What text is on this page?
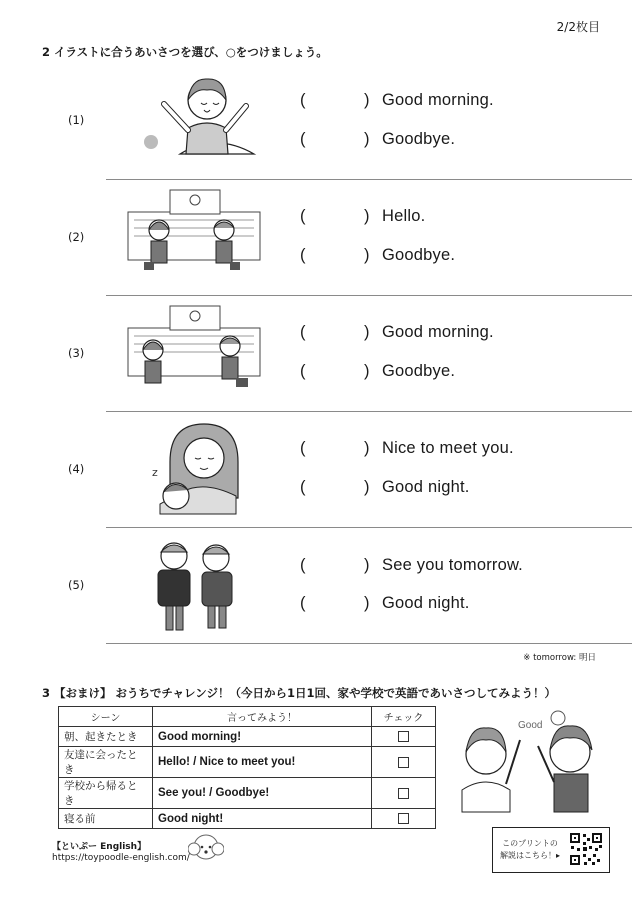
2/2枚目
2 イラストに合うあいさつを選び、○をつけましょう。
(1)
(	) Good morning.
(	) Goodbye.
(2)
(	) Hello.
(	) Goodbye.
(3)
(	) Good morning.
(	) Goodbye.
(4)	z
(	) Nice to meet you.
(	) Good night.
(5)
(	) See you tomorrow.
(	) Good night.
※ tomorrow: 明日
3 【おまけ】 おうちでチャレンジ！（今日から1日1回、家や学校で英語であいさつしてみよう！）
シーン	言ってみよう！	チェック
朝、起きたとき	Good morning!	
友達に会ったとき	Hello! / Nice to meet you!	
学校から帰るとき	See you! / Goodbye!	
寝る前	Good night!	
Good
【といぷー English】
https://toypoodle-english.com/
このプリントの
解説はこちら！▸
